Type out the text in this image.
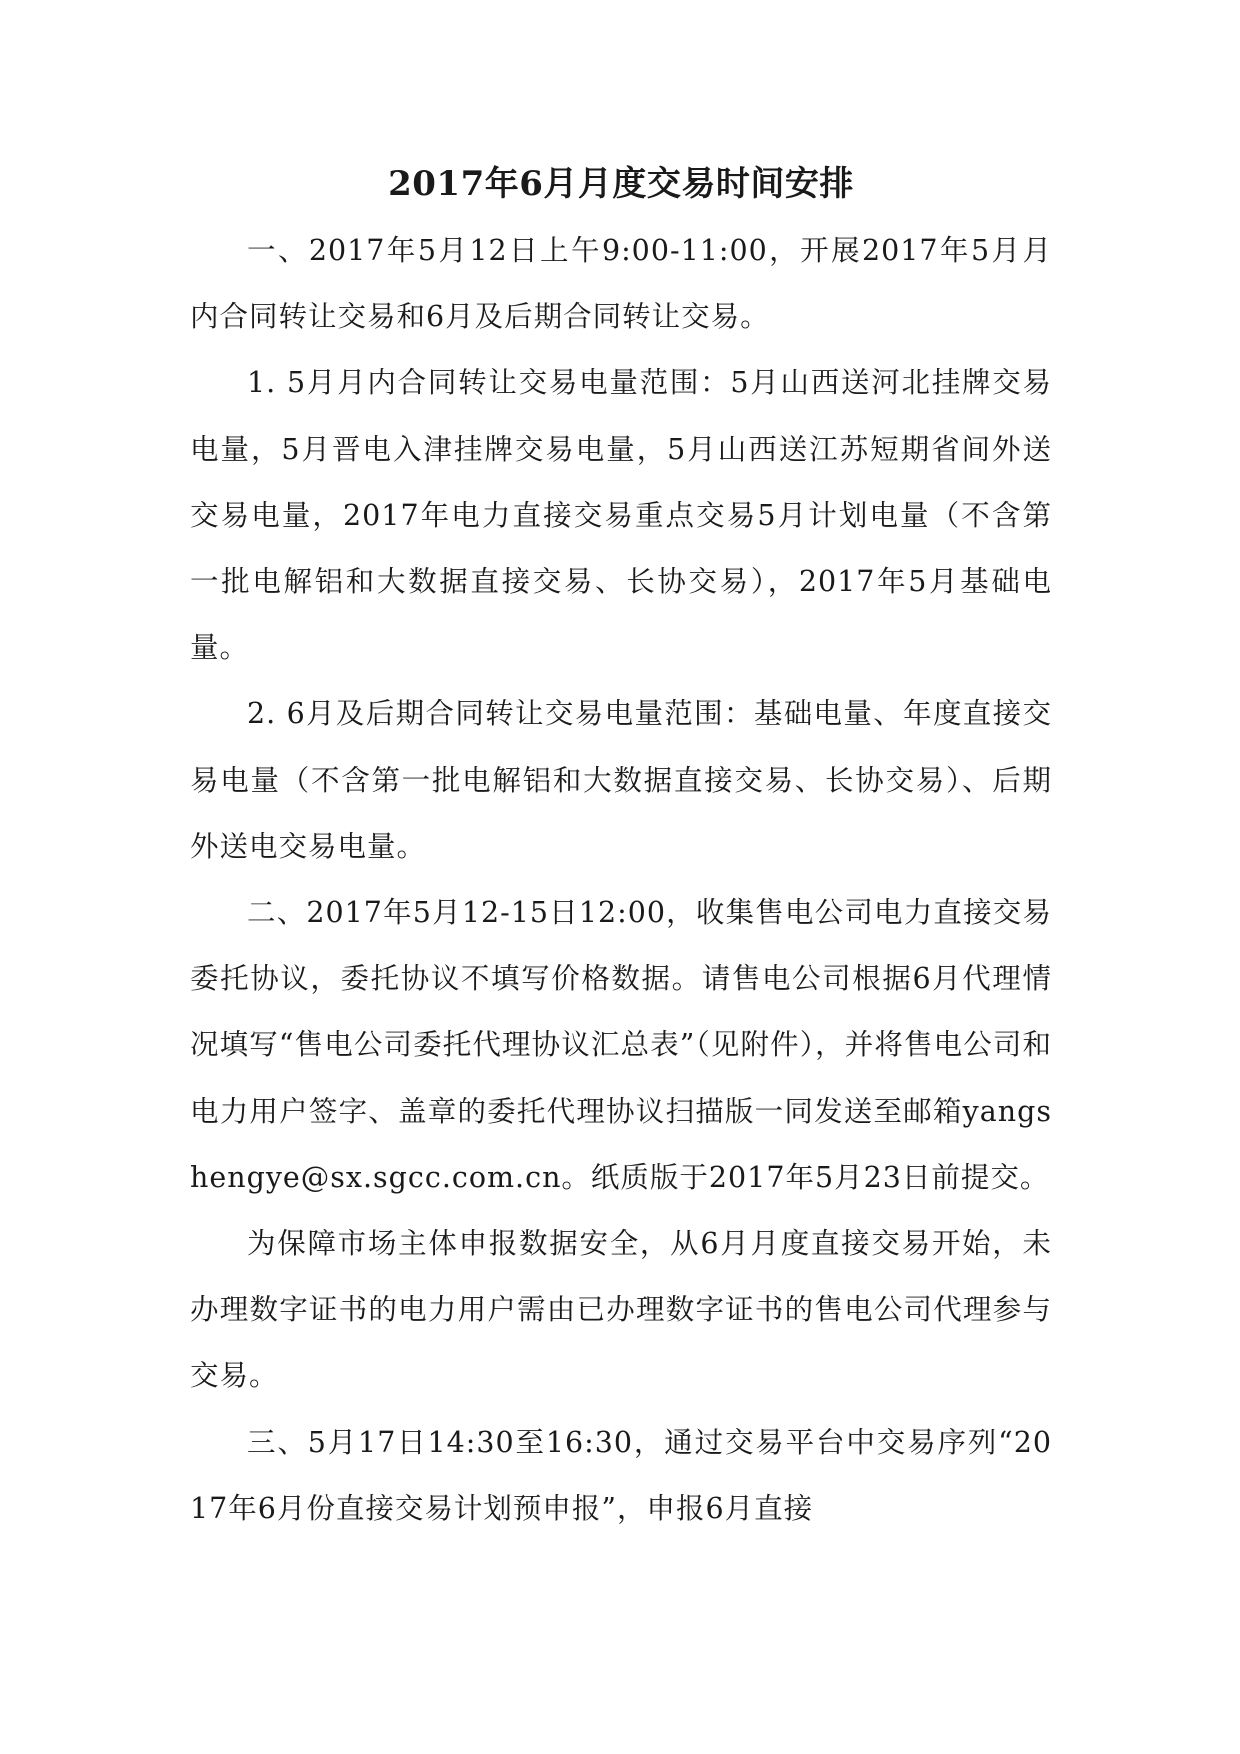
2017年6月月度交易时间安排

一、2017年5月12日上午9:00-11:00，开展2017年5月月内合同转让交易和6月及后期合同转让交易。

1. 5月月内合同转让交易电量范围：5月山西送河北挂牌交易电量，5月晋电入津挂牌交易电量，5月山西送江苏短期省间外送交易电量，2017年电力直接交易重点交易5月计划电量（不含第一批电解铝和大数据直接交易、长协交易），2017年5月基础电量。

2. 6月及后期合同转让交易电量范围：基础电量、年度直接交易电量（不含第一批电解铝和大数据直接交易、长协交易）、后期外送电交易电量。

二、2017年5月12-15日12:00，收集售电公司电力直接交易委托协议，委托协议不填写价格数据。请售电公司根据6月代理情况填写“售电公司委托代理协议汇总表”（见附件），并将售电公司和电力用户签字、盖章的委托代理协议扫描版一同发送至邮箱yangshengye@sx.sgcc.com.cn。纸质版于2017年5月23日前提交。

为保障市场主体申报数据安全，从6月月度直接交易开始，未办理数字证书的电力用户需由已办理数字证书的售电公司代理参与交易。

三、5月17日14:30至16:30，通过交易平台中交易序列“2017年6月份直接交易计划预申报”，申报6月直接
